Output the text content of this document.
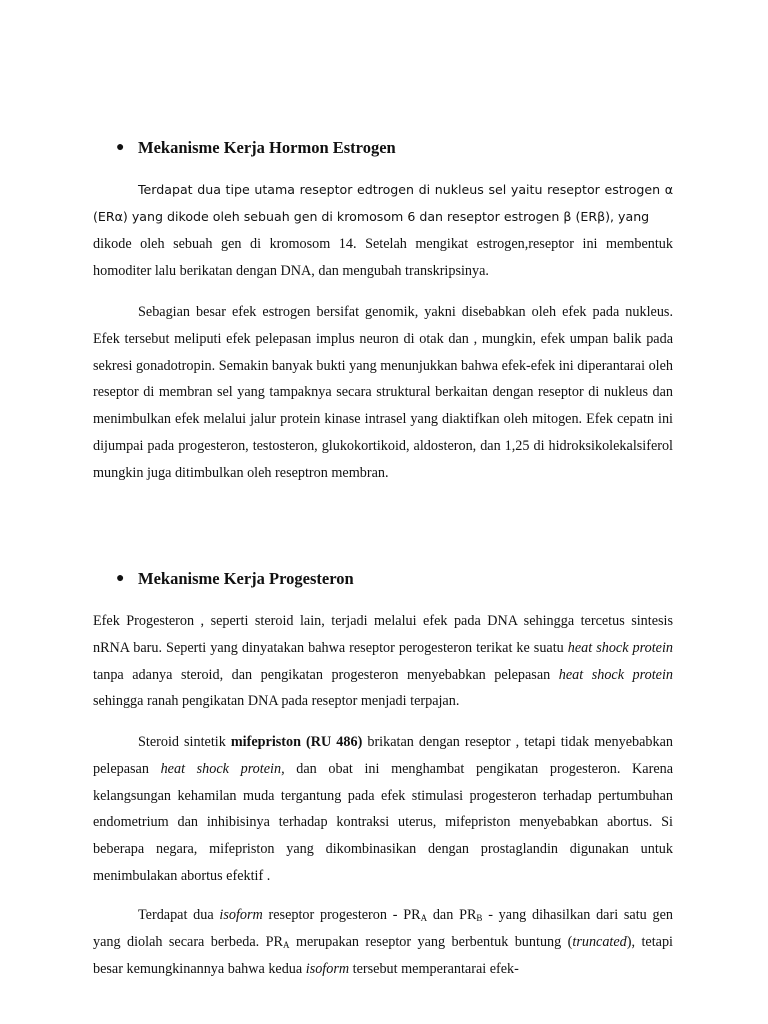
● Mekanisme Kerja Hormon Estrogen

Terdapat dua tipe utama reseptor edtrogen di nukleus sel yaitu reseptor estrogen α (ERα) yang dikode oleh sebuah gen di kromosom 6 dan reseptor estrogen β (ERβ), yang

dikode oleh sebuah gen di kromosom 14. Setelah mengikat estrogen,reseptor ini membentuk homoditer lalu berikatan dengan DNA, dan mengubah transkripsinya.

Sebagian besar efek estrogen bersifat genomik, yakni disebabkan oleh efek pada nukleus. Efek tersebut meliputi efek pelepasan implus neuron di otak dan , mungkin, efek umpan balik pada sekresi gonadotropin. Semakin banyak bukti yang menunjukkan bahwa efek-efek ini diperantarai oleh reseptor di membran sel yang tampaknya secara struktural berkaitan dengan reseptor di nukleus dan menimbulkan efek melalui jalur protein kinase intrasel yang diaktifkan oleh mitogen. Efek cepatn ini dijumpai pada progesteron, testosteron, glukokortikoid, aldosteron, dan 1,25 di hidroksikolekalsiferol mungkin juga ditimbulkan oleh reseptron membran.

● Mekanisme Kerja Progesteron

Efek Progesteron , seperti steroid lain, terjadi melalui efek pada DNA sehingga tercetus sintesis nRNA baru. Seperti yang dinyatakan bahwa reseptor perogesteron terikat ke suatu heat shock protein tanpa adanya steroid, dan pengikatan progesteron menyebabkan pelepasan heat shock protein sehingga ranah pengikatan DNA pada reseptor menjadi terpajan.

Steroid sintetik mifepriston (RU 486) brikatan dengan reseptor , tetapi tidak menyebabkan pelepasan heat shock protein, dan obat ini menghambat pengikatan progesteron. Karena kelangsungan kehamilan muda tergantung pada efek stimulasi progesteron terhadap pertumbuhan endometrium dan inhibisinya terhadap kontraksi uterus, mifepriston menyebabkan abortus. Si beberapa negara, mifepriston yang dikombinasikan dengan prostaglandin digunakan untuk menimbulakan abortus efektif .

Terdapat dua isoform reseptor progesteron - $PR_A$ dan $PR_B$ - yang dihasilkan dari satu gen yang diolah secara berbeda. $PR_A$ merupakan reseptor yang berbentuk buntung (truncated), tetapi besar kemungkinannya bahwa kedua isoform tersebut memperantarai efek-
